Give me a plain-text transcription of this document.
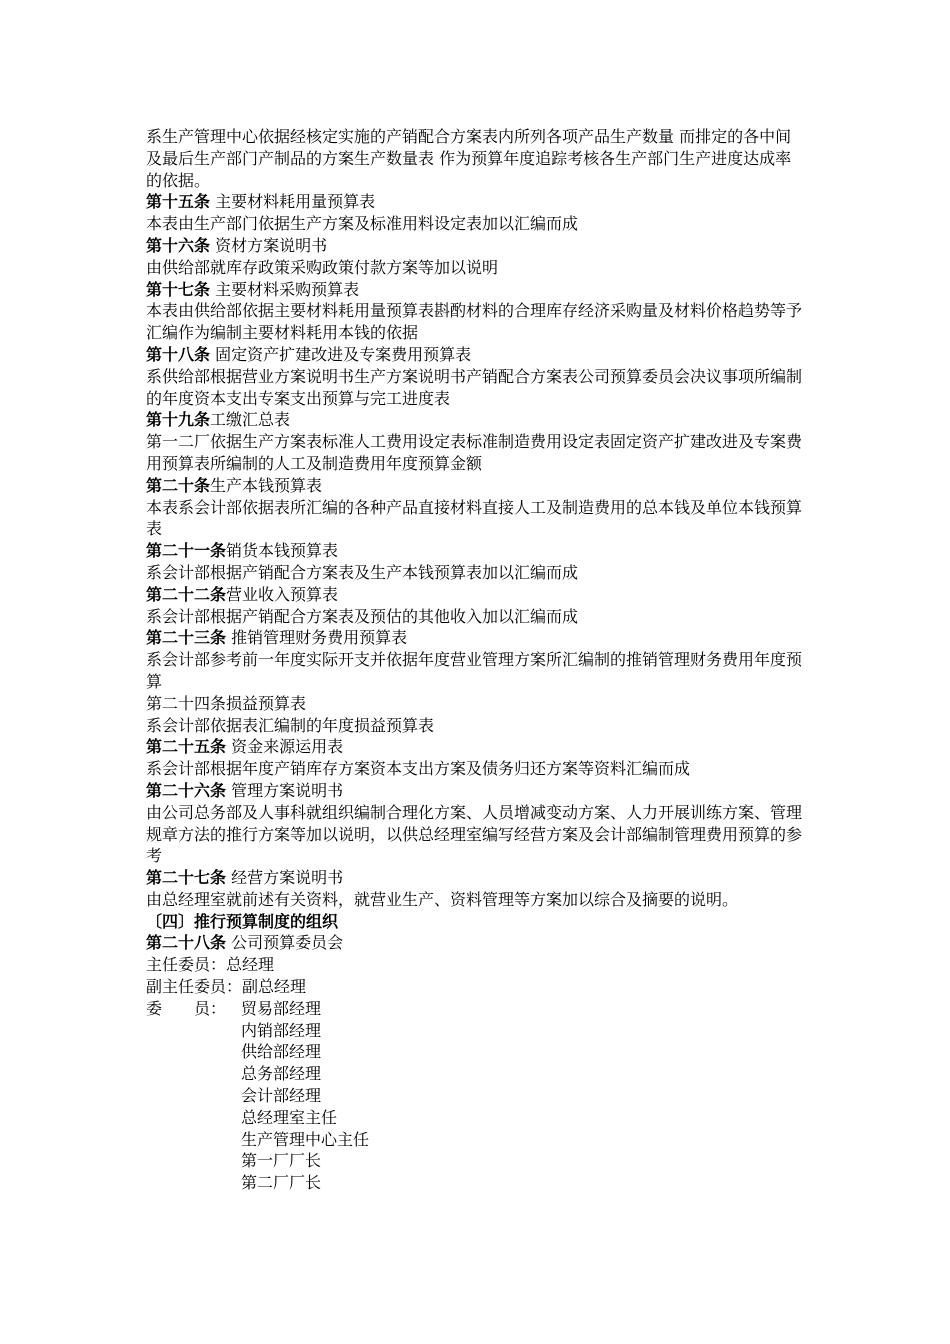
系生产管理中心依据经核定实施的产销配合方案表内所列各项产品生产数量 而排定的各中间及最后生产部门产制品的方案生产数量表 作为预算年度追踪考核各生产部门生产进度达成率的依据。

第十五条 主要材料耗用量预算表

本表由生产部门依据生产方案及标准用料设定表加以汇编而成

第十六条 资材方案说明书

由供给部就库存政策采购政策付款方案等加以说明

第十七条 主要材料采购预算表

本表由供给部依据主要材料耗用量预算表斟酌材料的合理库存经济采购量及材料价格趋势等予汇编作为编制主要材料耗用本钱的依据

第十八条 固定资产扩建改进及专案费用预算表

系供给部根据营业方案说明书生产方案说明书产销配合方案表公司预算委员会决议事项所编制的年度资本支出专案支出预算与完工进度表

第十九条工缴汇总表

第一二厂依据生产方案表标准人工费用设定表标准制造费用设定表固定资产扩建改进及专案费用预算表所编制的人工及制造费用年度预算金额

第二十条生产本钱预算表

本表系会计部依据表所汇编的各种产品直接材料直接人工及制造费用的总本钱及单位本钱预算表

第二十一条销货本钱预算表

系会计部根据产销配合方案表及生产本钱预算表加以汇编而成

第二十二条营业收入预算表

系会计部根据产销配合方案表及预估的其他收入加以汇编而成

第二十三条 推销管理财务费用预算表

系会计部参考前一年度实际开支并依据年度营业管理方案所汇编制的推销管理财务费用年度预算

第二十四条损益预算表

系会计部依据表汇编制的年度损益预算表

第二十五条 资金来源运用表

系会计部根据年度产销库存方案资本支出方案及债务归还方案等资料汇编而成

第二十六条 管理方案说明书

由公司总务部及人事科就组织编制合理化方案、人员增减变动方案、人力开展训练方案、管理规章方法的推行方案等加以说明，以供总经理室编写经营方案及会计部编制管理费用预算的参考

第二十七条 经营方案说明书

由总经理室就前述有关资料，就营业生产、资料管理等方案加以综合及摘要的说明。

〔四〕推行预算制度的组织

第二十八条 公司预算委员会

主任委员：总经理

副主任委员：副总经理

委　　员： 贸易部经理
内销部经理
供给部经理
总务部经理
会计部经理
总经理室主任
生产管理中心主任
第一厂厂长
第二厂厂长
